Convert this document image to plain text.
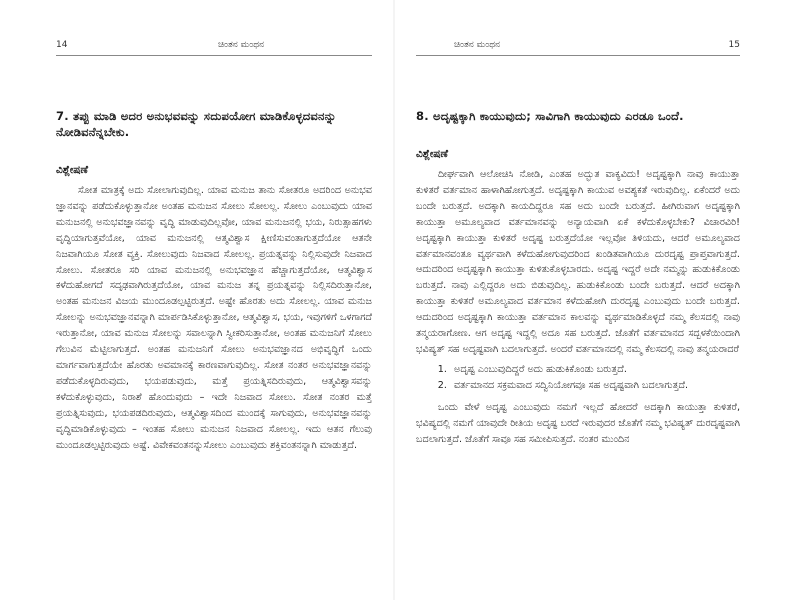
14	ಚಿಂತನ ಮಂಥನ
7. ತಪ್ಪು ಮಾಡಿ ಅದರ ಅನುಭವವನ್ನು ಸದುಪಯೋಗ ಮಾಡಿಕೊಳ್ಳದವನನ್ನು ನೋಡಿವನೆನ್ನಬೇಕು.
ವಿಶ್ಲೇಷಣೆ

ಸೋತ ಮಾತ್ರಕ್ಕೆ ಅದು ಸೋಲಾಗುವುದಿಲ್ಲ. ಯಾವ ಮನುಜ ತಾನು ಸೋತರೂ ಅದರಿಂದ ಅನುಭವ ಜ್ಞಾನವನ್ನು ಪಡೆದುಕೊಳ್ಳುತ್ತಾನೋ ಅಂತಹ ಮನುಜನ ಸೋಲು ಸೋಲಲ್ಲ. ಸೋಲು ಎಂಬುವುದು ಯಾವ ಮನುಜನಲ್ಲಿ ಅನುಭವಜ್ಞಾನವನ್ನು ವೃದ್ಧಿ ಮಾಡುವುದಿಲ್ಲವೋ, ಯಾವ ಮನುಜನಲ್ಲಿ ಭಯ, ನಿರುತ್ಸಾಹಗಳು ವೃದ್ಧಿಯಾಗುತ್ತವೆಯೋ, ಯಾವ ಮನುಜನಲ್ಲಿ ಆತ್ಮವಿಶ್ವಾಸ ಕ್ಷೀಣಿಸುವಂತಾಗುತ್ತದೆಯೋ ಆತನೇ ನಿಜವಾಗಿಯೂ ಸೋತ ವ್ಯಕ್ತಿ. ಸೋಲುವುದು ನಿಜವಾದ ಸೋಲಲ್ಲ. ಪ್ರಯತ್ನವನ್ನು ನಿಲ್ಲಿಸುವುದೇ ನಿಜವಾದ ಸೋಲು. ಸೋತರೂ ಸರಿ ಯಾವ ಮನುಜನಲ್ಲಿ ಅನುಭವಜ್ಞಾನ ಹೆಚ್ಚಾಗುತ್ತದೆಯೋ, ಆತ್ಮವಿಶ್ವಾಸ ಕಳೆದುಹೋಗದೆ ಸದೃಢವಾಗಿರುತ್ತದೆಯೋ, ಯಾವ ಮನುಜ ತನ್ನ ಪ್ರಯತ್ನವನ್ನು ನಿಲ್ಲಿಸದಿರುತ್ತಾನೋ, ಅಂತಹ ಮನುಜನ ವಿಜಯ ಮುಂದೂಡಲ್ಪಟ್ಟಿರುತ್ತದೆ. ಅಷ್ಟೇ ಹೊರತು ಅದು ಸೋಲಲ್ಲ. ಯಾವ ಮನುಜ ಸೋಲನ್ನು ಅನುಭವಜ್ಞಾನವನ್ನಾಗಿ ಮಾರ್ಪಡಿಸಿಕೊಳ್ಳುತ್ತಾನೋ, ಆತ್ಮವಿಶ್ವಾಸ, ಭಯ, ಇವುಗಳಿಗೆ ಒಳಗಾಗದೆ ಇರುತ್ತಾನೋ, ಯಾವ ಮನುಜ ಸೋಲನ್ನು ಸವಾಲನ್ನಾಗಿ ಸ್ವೀಕರಿಸುತ್ತಾನೋ, ಅಂತಹ ಮನುಜನಿಗೆ ಸೋಲು ಗೆಲುವಿನ ಮೆಟ್ಟಿಲಾಗುತ್ತದೆ. ಅಂತಹ ಮನುಜನಿಗೆ ಸೋಲು ಅನುಭವಜ್ಞಾನದ ಅಭಿವೃದ್ಧಿಗೆ ಒಂದು ಮಾರ್ಗವಾಗುತ್ತದೆಯೇ ಹೊರತು ಅವಮಾನಕ್ಕೆ ಕಾರಣವಾಗುವುದಿಲ್ಲ. ಸೋತ ನಂತರ ಅನುಭವಜ್ಞಾನವನ್ನು ಪಡೆದುಕೊಳ್ಳದಿರುವುದು, ಭಯಪಡುವುದು, ಮತ್ತೆ ಪ್ರಯತ್ನಿಸದಿರುವುದು, ಆತ್ಮವಿಶ್ವಾಸವನ್ನು ಕಳೆದುಕೊಳ್ಳುವುದು, ನಿರಾಶೆ ಹೊಂದುವುದು – ಇದೇ ನಿಜವಾದ ಸೋಲು. ಸೋತ ನಂತರ ಮತ್ತೆ ಪ್ರಯತ್ನಿಸುವುದು, ಭಯಪಡದಿರುವುದು, ಆತ್ಮವಿಶ್ವಾಸದಿಂದ ಮುಂದಕ್ಕೆ ಸಾಗುವುದು, ಅನುಭವಜ್ಞಾನವನ್ನು ವೃದ್ಧಿಮಾಡಿಕೊಳ್ಳುವುದು – ಇಂತಹ ಸೋಲು ಮನುಜನ ನಿಜವಾದ ಸೋಲಲ್ಲ. ಇದು ಆತನ ಗೆಲುವು ಮುಂದೂಡಲ್ಪಟ್ಟಿರುವುದು ಅಷ್ಟೆ. ವಿವೇಕವಂತನನ್ನುಸೋಲು ಎಂಬುವುದು ಶಕ್ತಿವಂತನನ್ನಾಗಿ ಮಾಡುತ್ತದೆ.

ಚಿಂತನ ಮಂಥನ	15
8. ಅದೃಷ್ಟಕ್ಕಾಗಿ ಕಾಯುವುದು; ಸಾವಿಗಾಗಿ ಕಾಯುವುದು ಎರಡೂ ಒಂದೆ.
ವಿಶ್ಲೇಷಣೆ

ದೀರ್ಘವಾಗಿ ಆಲೋಚಿಸಿ ನೋಡಿ, ಎಂತಹ ಅದ್ಭುತ ವಾಕ್ಯವಿದು! ಅದೃಷ್ಟಕ್ಕಾಗಿ ನಾವು ಕಾಯುತ್ತಾ ಕುಳಿತರೆ ವರ್ತಮಾನ ಹಾಳಾಗಿಹೋಗುತ್ತದೆ. ಅದೃಷ್ಟಕ್ಕಾಗಿ ಕಾಯುವ ಅವಶ್ಯಕತೆ ಇರುವುದಿಲ್ಲ. ಏಕೆಂದರೆ ಅದು ಬಂದೇ ಬರುತ್ತದೆ. ಅದಕ್ಕಾಗಿ ಕಾಯದಿದ್ದರೂ ಸಹ ಅದು ಬಂದೇ ಬರುತ್ತದೆ. ಹೀಗಿರುವಾಗ ಅದೃಷ್ಟಕ್ಕಾಗಿ ಕಾಯುತ್ತಾ ಅಮೂಲ್ಯವಾದ ವರ್ತಮಾನವನ್ನು ಅನ್ಯಾಯವಾಗಿ ಏಕೆ ಕಳೆದುಕೊಳ್ಳಬೇಕು? ವಿಚಾರವಿರಿ! ಅದೃಷ್ಟಕ್ಕಾಗಿ ಕಾಯುತ್ತಾ ಕುಳಿತರೆ ಅದೃಷ್ಟ ಬರುತ್ತದೆಯೋ ಇಲ್ಲವೋ ತಿಳಿಯದು, ಆದರೆ ಅಮೂಲ್ಯವಾದ ವರ್ತಮಾನವಂತೂ ವ್ಯರ್ಥವಾಗಿ ಕಳೆದುಹೋಗುವುದರಿಂದ ಖಂಡಿತವಾಗಿಯೂ ದುರದೃಷ್ಟ ಪ್ರಾಪ್ತವಾಗುತ್ತದೆ. ಆದುದರಿಂದ ಅದೃಷ್ಟಕ್ಕಾಗಿ ಕಾಯುತ್ತಾ ಕುಳಿತುಕೊಳ್ಳಬಾರದು. ಅದೃಷ್ಟ ಇದ್ದರೆ ಅದೇ ನಮ್ಮನ್ನು ಹುಡುಕಿಕೊಂಡು ಬರುತ್ತದೆ. ನಾವು ಎಲ್ಲಿದ್ದರೂ ಅದು ಬಿಡುವುದಿಲ್ಲ. ಹುಡುಕಿಕೊಂಡು ಬಂದೇ ಬರುತ್ತದೆ. ಆದರೆ ಅದಕ್ಕಾಗಿ ಕಾಯುತ್ತಾ ಕುಳಿತರೆ ಅಮೂಲ್ಯವಾದ ವರ್ತಮಾನ ಕಳೆದುಹೋಗಿ ದುರದೃಷ್ಟ ಎಂಬುವುದು ಬಂದೇ ಬರುತ್ತದೆ. ಆದುದರಿಂದ ಅದೃಷ್ಟಕ್ಕಾಗಿ ಕಾಯುತ್ತಾ ವರ್ತಮಾನ ಕಾಲವನ್ನು ವ್ಯರ್ಥಮಾಡಿಕೊಳ್ಳದೆ ನಮ್ಮ ಕೆಲಸದಲ್ಲಿ ನಾವು ತನ್ಮಯರಾಗೋಣ. ಆಗ ಅದೃಷ್ಟ ಇದ್ದಲ್ಲಿ ಅದೂ ಸಹ ಬರುತ್ತದೆ. ಜೊತೆಗೆ ವರ್ತಮಾನದ ಸದ್ಬಳಕೆಯಿಂದಾಗಿ ಭವಿಷ್ಯತ್ ಸಹ ಅದೃಷ್ಟವಾಗಿ ಬದಲಾಗುತ್ತದೆ. ಅಂದರೆ ವರ್ತಮಾನದಲ್ಲಿ ನಮ್ಮ ಕೆಲಸದಲ್ಲಿ ನಾವು ತನ್ಮಯರಾದರೆ

1. ಅದೃಷ್ಟ ಎಂಬುವುದಿದ್ದರೆ ಅದು ಹುಡುಕಿಕೊಂಡು ಬರುತ್ತದೆ.
2. ವರ್ತಮಾನದ ಸಕ್ರಮವಾದ ಸದ್ವಿನಿಯೋಗವೂ ಸಹ ಅದೃಷ್ಟವಾಗಿ ಬದಲಾಗುತ್ತದೆ.

ಒಂದು ವೇಳೆ ಅದೃಷ್ಟ ಎಂಬುವುದು ನಮಗೆ ಇಲ್ಲದೆ ಹೋದರೆ ಅದಕ್ಕಾಗಿ ಕಾಯುತ್ತಾ ಕುಳಿತರೆ, ಭವಿಷ್ಯದಲ್ಲಿ ನಮಗೆ ಯಾವುದೇ ರೀತಿಯ ಅದೃಷ್ಟ ಬರದೆ ಇರುವುದರ ಜೊತೆಗೆ ನಮ್ಮ ಭವಿಷ್ಯತ್ ದುರದೃಷ್ಟವಾಗಿ ಬದಲಾಗುತ್ತದೆ. ಜೊತೆಗೆ ಸಾವೂ ಸಹ ಸಮೀಪಿಸುತ್ತದೆ. ನಂತರ ಮುಂದಿನ
